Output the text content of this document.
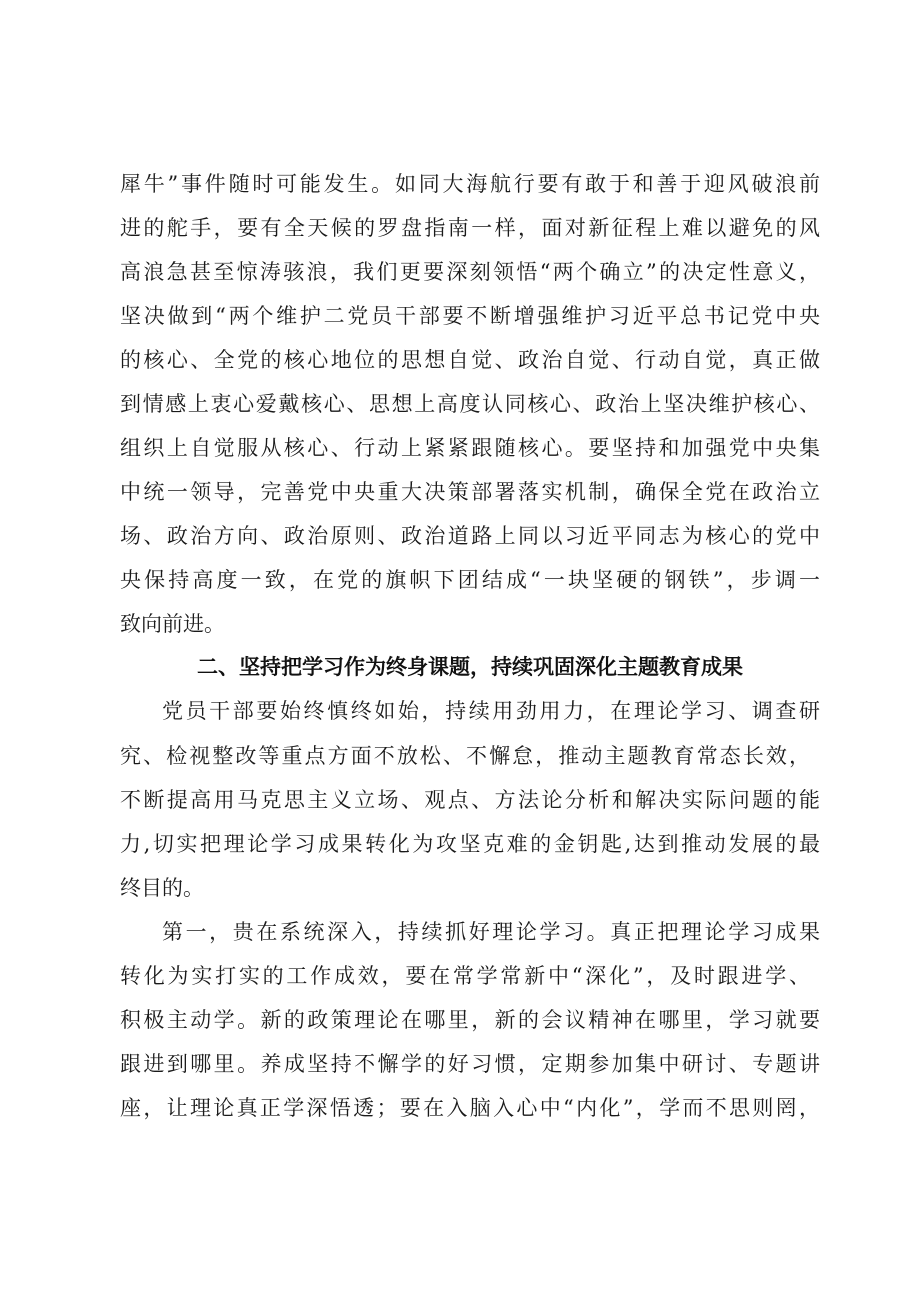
犀牛”事件随时可能发生。如同大海航行要有敢于和善于迎风破浪前
进的舵手，要有全天候的罗盘指南一样，面对新征程上难以避免的风
高浪急甚至惊涛骇浪，我们更要深刻领悟“两个确立”的决定性意义，
坚决做到“两个维护二党员干部要不断增强维护习近平总书记党中央
的核心、全党的核心地位的思想自觉、政治自觉、行动自觉，真正做
到情感上衷心爱戴核心、思想上高度认同核心、政治上坚决维护核心、
组织上自觉服从核心、行动上紧紧跟随核心。要坚持和加强党中央集
中统一领导，完善党中央重大决策部署落实机制，确保全党在政治立
场、政治方向、政治原则、政治道路上同以习近平同志为核心的党中
央保持高度一致，在党的旗帜下团结成“一块坚硬的钢铁”，步调一
致向前进。
二、坚持把学习作为终身课题，持续巩固深化主题教育成果
党员干部要始终慎终如始，持续用劲用力，在理论学习、调查研
究、检视整改等重点方面不放松、不懈怠，推动主题教育常态长效，
不断提高用马克思主义立场、观点、方法论分析和解决实际问题的能
力,切实把理论学习成果转化为攻坚克难的金钥匙,达到推动发展的最
终目的。
第一，贵在系统深入，持续抓好理论学习。真正把理论学习成果
转化为实打实的工作成效，要在常学常新中“深化”，及时跟进学、
积极主动学。新的政策理论在哪里，新的会议精神在哪里，学习就要
跟进到哪里。养成坚持不懈学的好习惯，定期参加集中研讨、专题讲
座，让理论真正学深悟透；要在入脑入心中“内化”，学而不思则罔，
